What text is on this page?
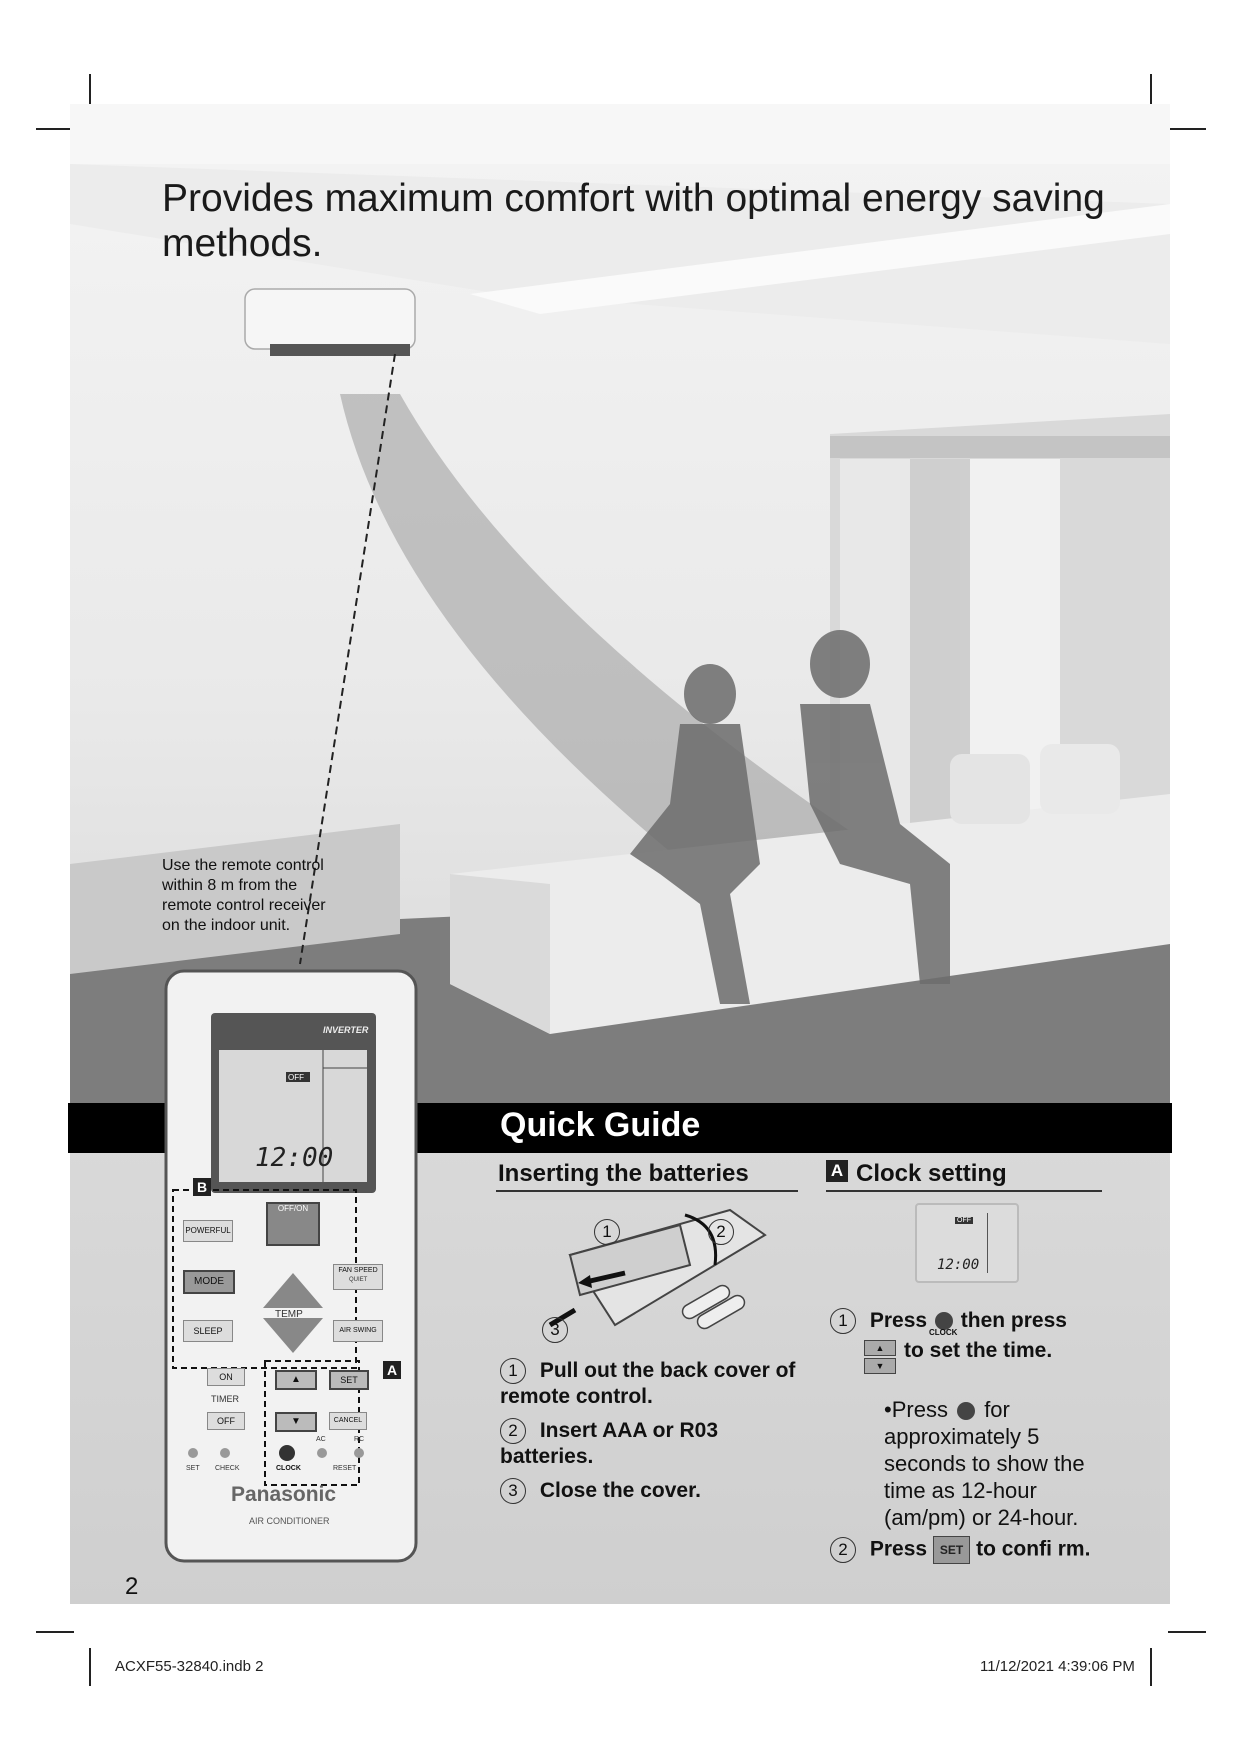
Provides maximum comfort with optimal energy saving methods.
Use the remote control within 8 m from the remote control receiver on the indoor unit.
Quick Guide
INVERTER
OFF
12:00
B
A
POWERFUL
OFF/ON
MODE
TEMP
FAN SPEED
QUIET
SLEEP	AIR SWING
ON
TIMER
OFF
▲	SET
▼	CANCEL
SET CHECK	CLOCK
AC	RC
RESET
Panasonic
AIR CONDITIONER
Inserting the batteries
1	2
3
1 Pull out the back cover of remote control.
2 Insert AAA or R03 batteries.
3 Close the cover.
A Clock setting
OFF
12:00
1 Press then press
CLOCK
▲
▼
to set the time.
•Press for approximately 5 seconds to show the time as 12-hour (am/pm) or 24-hour.
2 Press SET to confi rm.
2
ACXF55-32840.indb 2	11/12/2021 4:39:06 PM
